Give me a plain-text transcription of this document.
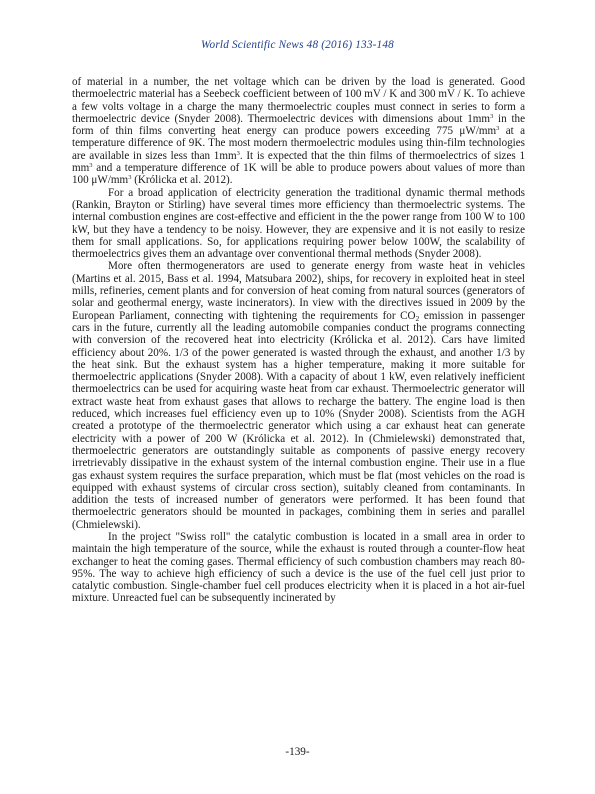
World Scientific News 48 (2016) 133-148

of material in a number, the net voltage which can be driven by the load is generated. Good thermoelectric material has a Seebeck coefficient between of 100 mV / K and 300 mV / K. To achieve a few volts voltage in a charge the many thermoelectric couples must connect in series to form a thermoelectric device (Snyder 2008). Thermoelectric devices with dimensions about $1mm^3$ in the form of thin films converting heat energy can produce powers exceeding 775 $\mu W/mm^3$ at a temperature difference of 9K. The most modern thermoelectric modules using thin-film technologies are available in sizes less than $1mm^3$. It is expected that the thin films of thermoelectrics of sizes 1 $mm^3$ and a temperature difference of 1K will be able to produce powers about values of more than 100 $\mu W/mm^3$ (Królicka et al. 2012).

For a broad application of electricity generation the traditional dynamic thermal methods (Rankin, Brayton or Stirling) have several times more efficiency than thermoelectric systems. The internal combustion engines are cost-effective and efficient in the the power range from 100 W to 100 kW, but they have a tendency to be noisy. However, they are expensive and it is not easily to resize them for small applications. So, for applications requiring power below 100W, the scalability of thermoelectrics gives them an advantage over conventional thermal methods (Snyder 2008).

More often thermogenerators are used to generate energy from waste heat in vehicles (Martins et al. 2015, Bass et al. 1994, Matsubara 2002), ships, for recovery in exploited heat in steel mills, refineries, cement plants and for conversion of heat coming from natural sources (generators of solar and geothermal energy, waste incinerators). In view with the directives issued in 2009 by the European Parliament, connecting with tightening the requirements for $CO_2$ emission in passenger cars in the future, currently all the leading automobile companies conduct the programs connecting with conversion of the recovered heat into electricity (Królicka et al. 2012). Cars have limited efficiency about 20%. 1/3 of the power generated is wasted through the exhaust, and another 1/3 by the heat sink. But the exhaust system has a higher temperature, making it more suitable for thermoelectric applications (Snyder 2008). With a capacity of about 1 kW, even relatively inefficient thermoelectrics can be used for acquiring waste heat from car exhaust. Thermoelectric generator will extract waste heat from exhaust gases that allows to recharge the battery. The engine load is then reduced, which increases fuel efficiency even up to 10% (Snyder 2008). Scientists from the AGH created a prototype of the thermoelectric generator which using a car exhaust heat can generate electricity with a power of 200 W (Królicka et al. 2012). In (Chmielewski) demonstrated that, thermoelectric generators are outstandingly suitable as components of passive energy recovery irretrievably dissipative in the exhaust system of the internal combustion engine. Their use in a flue gas exhaust system requires the surface preparation, which must be flat (most vehicles on the road is equipped with exhaust systems of circular cross section), suitably cleaned from contaminants. In addition the tests of increased number of generators were performed. It has been found that thermoelectric generators should be mounted in packages, combining them in series and parallel (Chmielewski).

In the project "Swiss roll" the catalytic combustion is located in a small area in order to maintain the high temperature of the source, while the exhaust is routed through a counter-flow heat exchanger to heat the coming gases. Thermal efficiency of such combustion chambers may reach 80-95%. The way to achieve high efficiency of such a device is the use of the fuel cell just prior to catalytic combustion. Single-chamber fuel cell produces electricity when it is placed in a hot air-fuel mixture. Unreacted fuel can be subsequently incinerated by

-139-
